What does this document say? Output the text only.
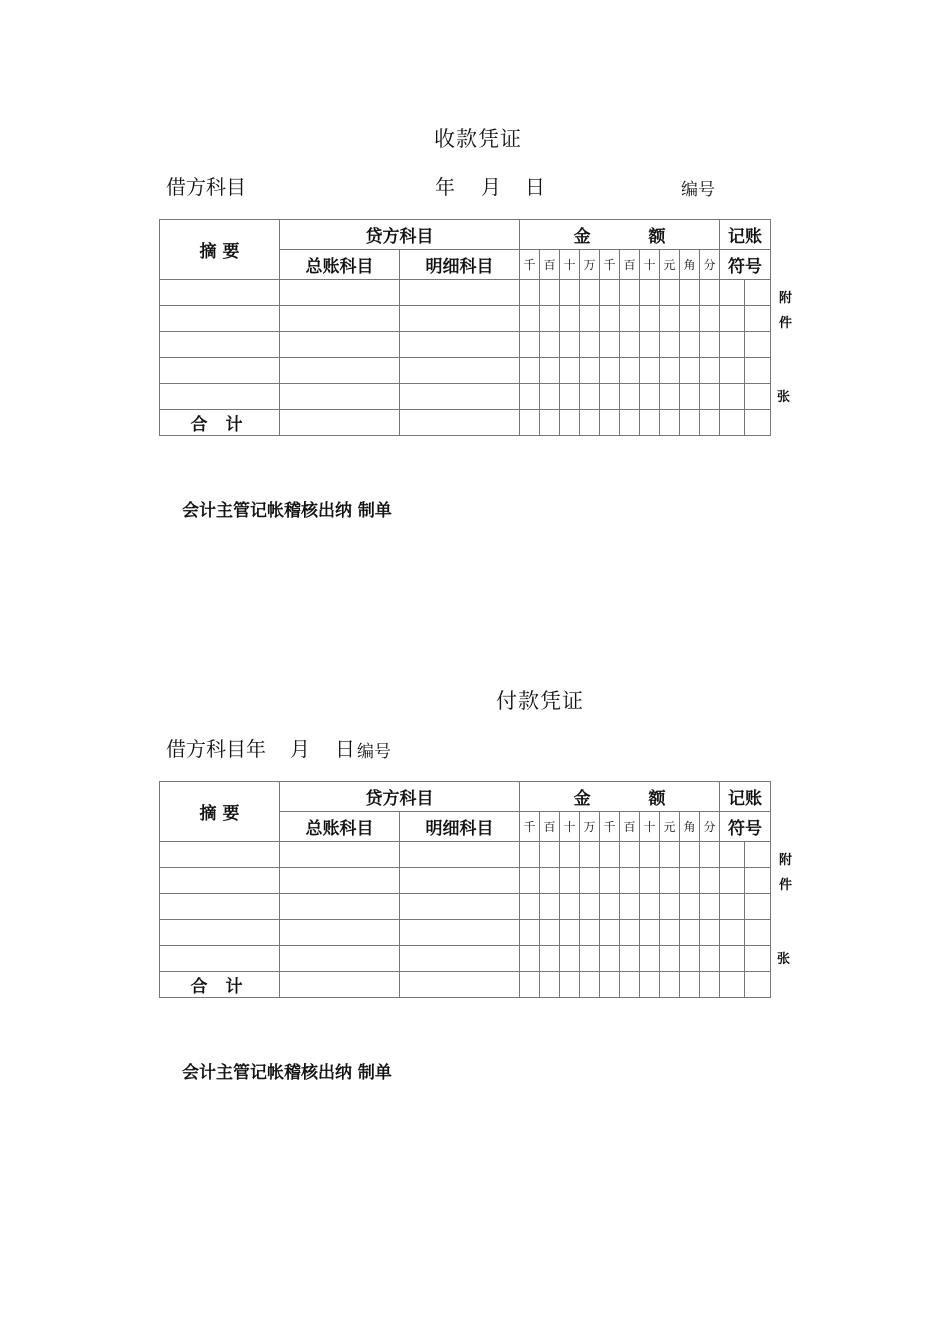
收款凭证
借方科目	年 月 日	编号
摘 要	贷方科目		金 额										记账	
	总账科目	明细科目	千	百	十	万	千	百	十	元	角	分	符号	

合 计														
附
件
张
会计主管记帐稽核出纳 制单
付款凭证
借方科目年 月 日 编号
摘 要	贷方科目		金 额										记账	
	总账科目	明细科目	千	百	十	万	千	百	十	元	角	分	符号	

合 计														
附
件
张
会计主管记帐稽核出纳 制单
